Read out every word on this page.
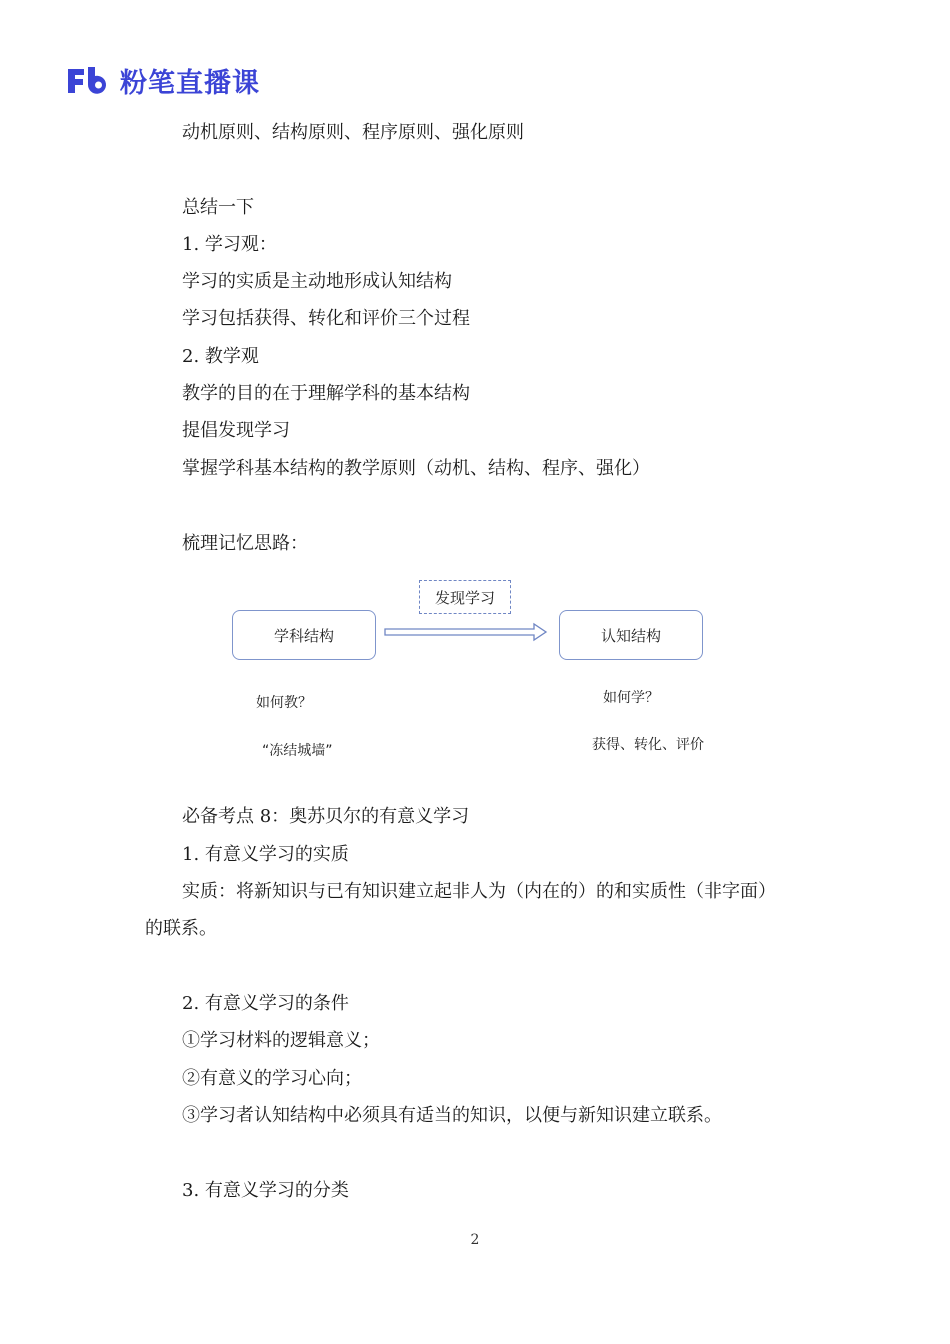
粉笔直播课
动机原则、结构原则、程序原则、强化原则
总结一下
1. 学习观：
学习的实质是主动地形成认知结构
学习包括获得、转化和评价三个过程
2. 教学观
教学的目的在于理解学科的基本结构
提倡发现学习
掌握学科基本结构的教学原则（动机、结构、程序、强化）
梳理记忆思路：
发现学习
学科结构	认知结构
如何教？
“冻结城墙”
如何学？
获得、转化、评价
必备考点 8：奥苏贝尔的有意义学习
1. 有意义学习的实质
实质：将新知识与已有知识建立起非人为（内在的）的和实质性（非字面）
的联系。
2. 有意义学习的条件
①学习材料的逻辑意义；
②有意义的学习心向；
③学习者认知结构中必须具有适当的知识，以便与新知识建立联系。
3. 有意义学习的分类
2
